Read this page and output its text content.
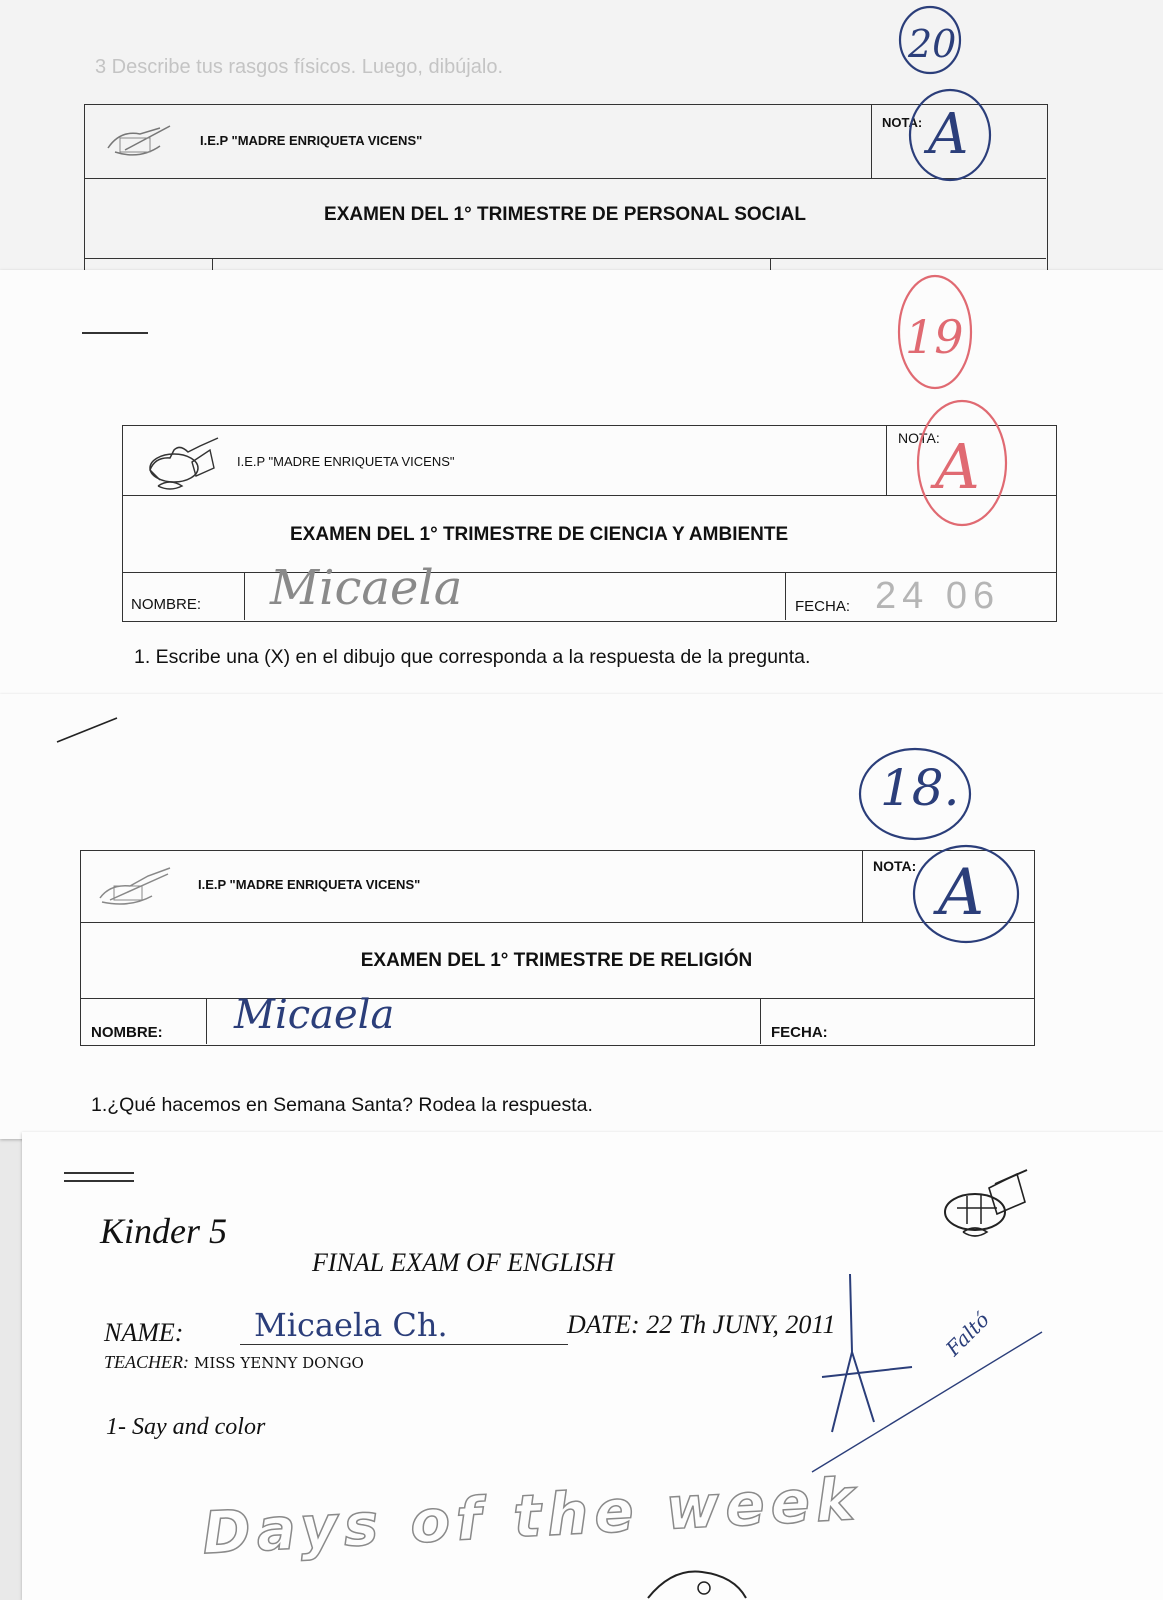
3 Describe tus rasgos físicos. Luego, dibújalo.
I.E.P "MADRE ENRIQUETA VICENS"
NOTA:
EXAMEN DEL 1° TRIMESTRE DE PERSONAL SOCIAL
20
A
I.E.P "MADRE ENRIQUETA VICENS"
NOTA:
EXAMEN DEL 1° TRIMESTRE DE CIENCIA Y AMBIENTE
NOMBRE: Micaela	FECHA: 24 06
1. Escribe una (X) en el dibujo que corresponda a la respuesta de la pregunta.
19
A
I.E.P "MADRE ENRIQUETA VICENS"
NOTA:
EXAMEN DEL 1° TRIMESTRE DE RELIGIÓN
NOMBRE: Micaela	FECHA:
1.¿Qué hacemos en Semana Santa? Rodea la respuesta.
18.
A
Kinder 5
FINAL EXAM OF ENGLISH
NAME: Micaela Ch.	DATE: 22 Th JUNY, 2011
TEACHER: MISS YENNY DONGO
1- Say and color
Faltó
Days of the week
